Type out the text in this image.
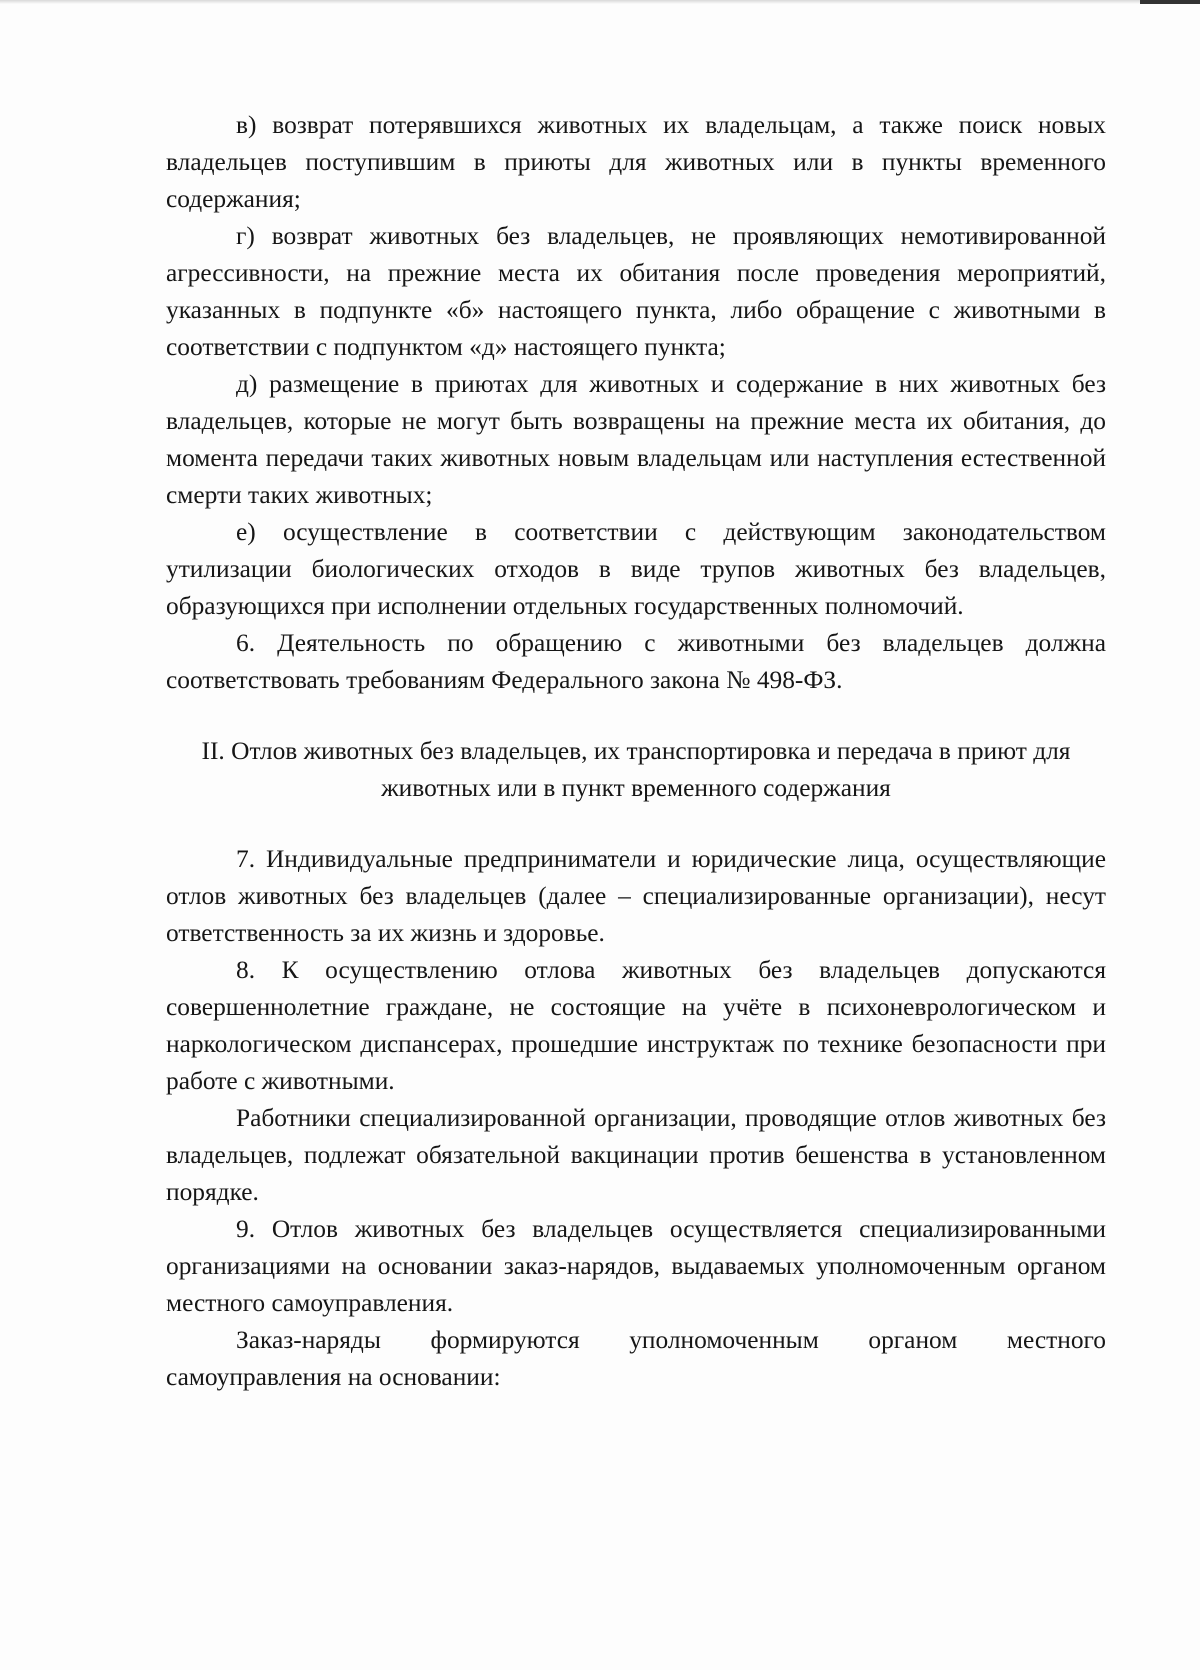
в) возврат потерявшихся животных их владельцам, а также поиск новых владельцев поступившим в приюты для животных или в пункты временного содержания;

г) возврат животных без владельцев, не проявляющих немотивированной агрессивности, на прежние места их обитания после проведения мероприятий, указанных в подпункте «б» настоящего пункта, либо обращение с животными в соответствии с подпунктом «д» настоящего пункта;

д) размещение в приютах для животных и содержание в них животных без владельцев, которые не могут быть возвращены на прежние места их обитания, до момента передачи таких животных новым владельцам или наступления естественной смерти таких животных;

е) осуществление в соответствии с действующим законодательством утилизации биологических отходов в виде трупов животных без владельцев, образующихся при исполнении отдельных государственных полномочий.

6. Деятельность по обращению с животными без владельцев должна соответствовать требованиям Федерального закона № 498-ФЗ.

II. Отлов животных без владельцев, их транспортировка и передача в приют для животных или в пункт временного содержания

7. Индивидуальные предприниматели и юридические лица, осуществляющие отлов животных без владельцев (далее – специализированные организации), несут ответственность за их жизнь и здоровье.

8. К осуществлению отлова животных без владельцев допускаются совершеннолетние граждане, не состоящие на учёте в психоневрологическом и наркологическом диспансерах, прошедшие инструктаж по технике безопасности при работе с животными.

Работники специализированной организации, проводящие отлов животных без владельцев, подлежат обязательной вакцинации против бешенства в установленном порядке.

9. Отлов животных без владельцев осуществляется специализированными организациями на основании заказ-нарядов, выдаваемых уполномоченным органом местного самоуправления.

Заказ-наряды формируются уполномоченным органом местного самоуправления на основании:
